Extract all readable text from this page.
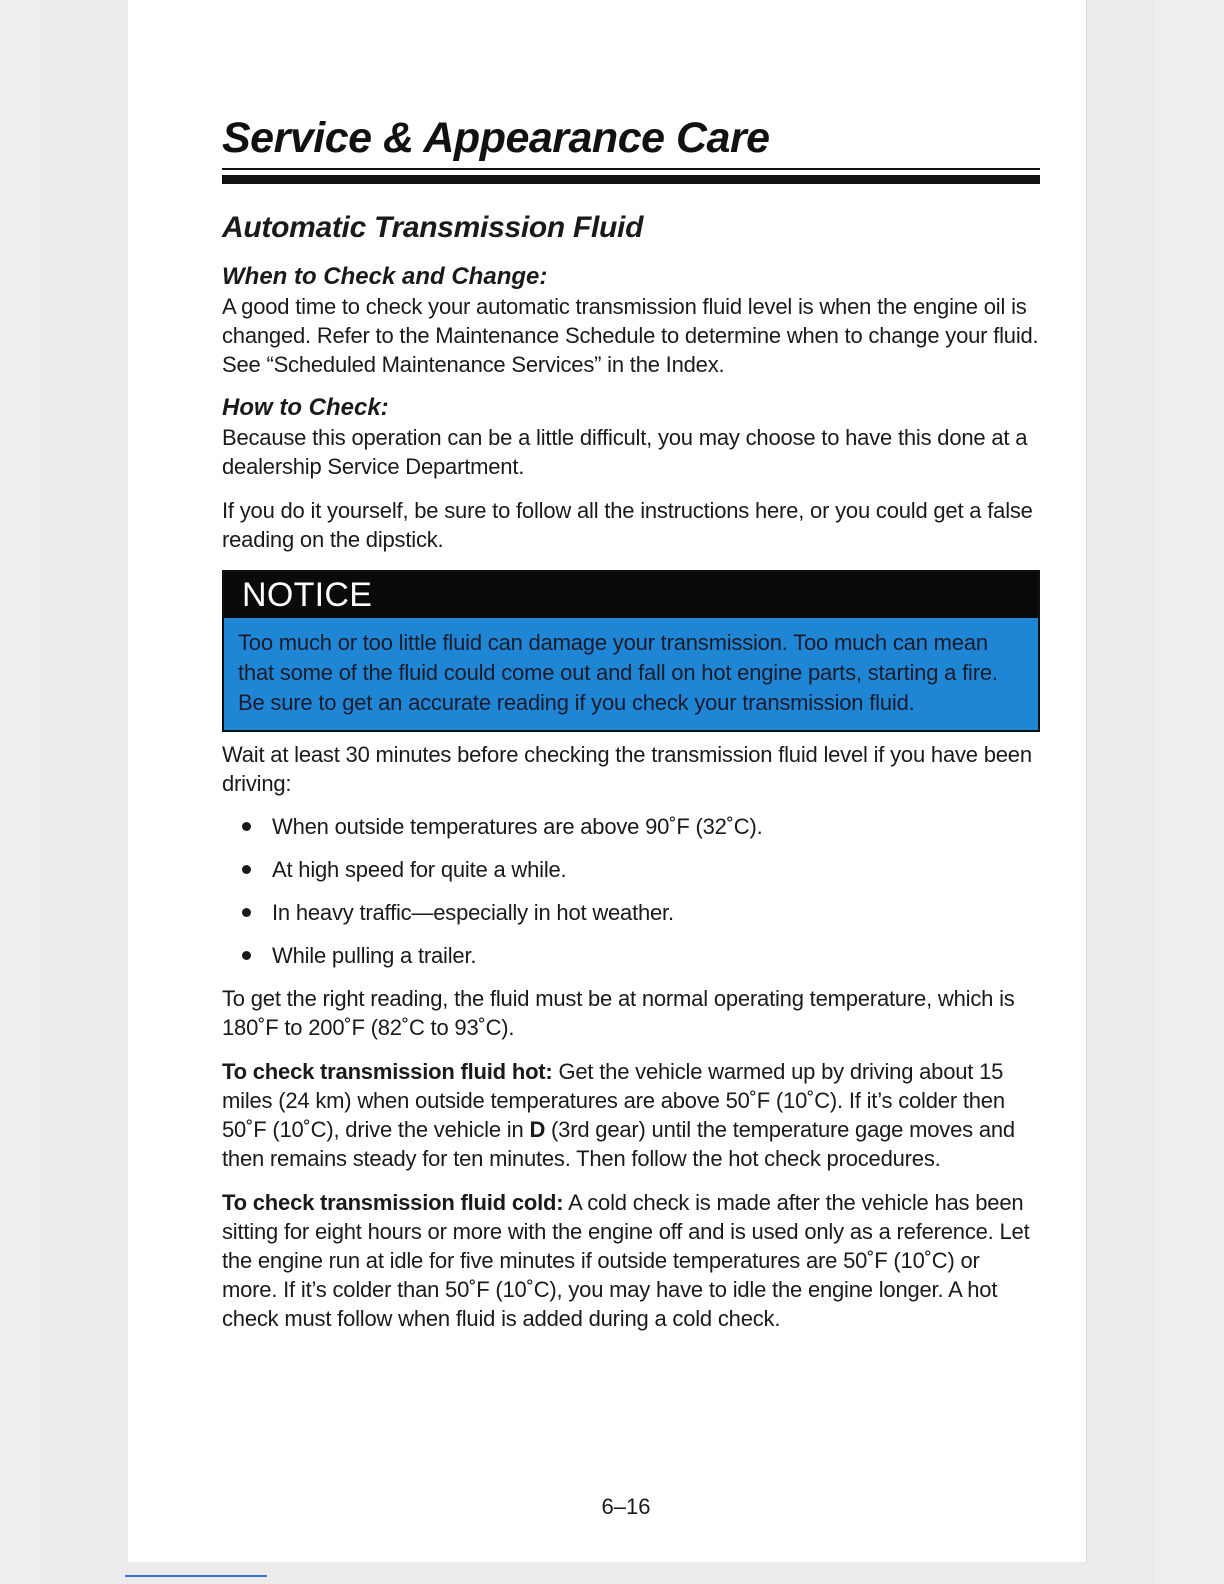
Service & Appearance Care
Automatic Transmission Fluid
When to Check and Change:

A good time to check your automatic transmission fluid level is when the engine oil is changed. Refer to the Maintenance Schedule to determine when to change your fluid. See “Scheduled Maintenance Services” in the Index.

How to Check:

Because this operation can be a little difficult, you may choose to have this done at a dealership Service Department.

If you do it yourself, be sure to follow all the instructions here, or you could get a false reading on the dipstick.

NOTICE
Too much or too little fluid can damage your transmission. Too much can mean that some of the fluid could come out and fall on hot engine parts, starting a fire. Be sure to get an accurate reading if you check your transmission fluid.

Wait at least 30 minutes before checking the transmission fluid level if you have been driving:

When outside temperatures are above 90˚F (32˚C).
At high speed for quite a while.
In heavy traffic—especially in hot weather.
While pulling a trailer.

To get the right reading, the fluid must be at normal operating temperature, which is 180˚F to 200˚F (82˚C to 93˚C).

To check transmission fluid hot: Get the vehicle warmed up by driving about 15 miles (24 km) when outside temperatures are above 50˚F (10˚C). If it’s colder then 50˚F (10˚C), drive the vehicle in D (3rd gear) until the temperature gage moves and then remains steady for ten minutes. Then follow the hot check procedures.

To check transmission fluid cold: A cold check is made after the vehicle has been sitting for eight hours or more with the engine off and is used only as a reference. Let the engine run at idle for five minutes if outside temperatures are 50˚F (10˚C) or more. If it’s colder than 50˚F (10˚C), you may have to idle the engine longer. A hot check must follow when fluid is added during a cold check.

6–16
